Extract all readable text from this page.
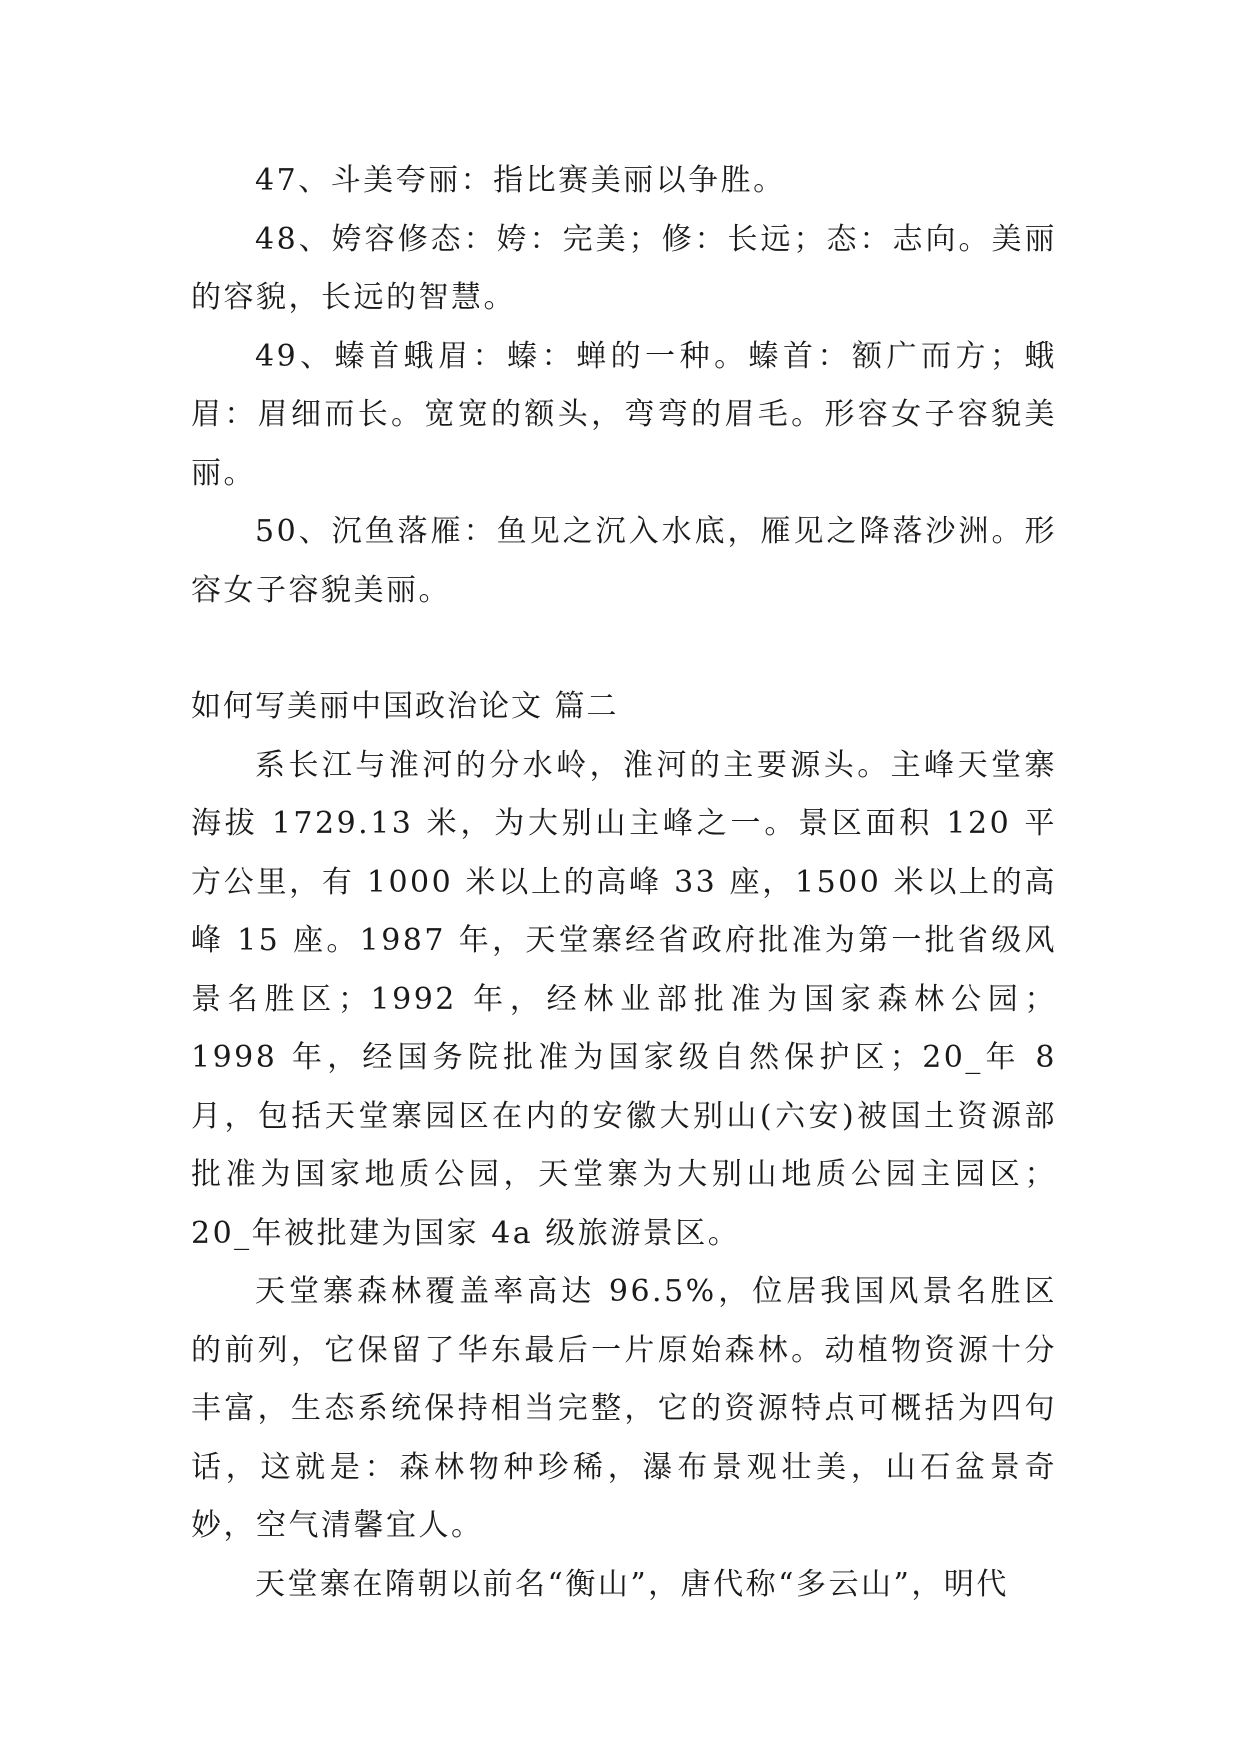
47、斗美夸丽：指比赛美丽以争胜。

48、姱容修态：姱：完美；修：长远；态：志向。美丽的容貌，长远的智慧。

49、螓首蛾眉：螓：蝉的一种。螓首：额广而方；蛾眉：眉细而长。宽宽的额头，弯弯的眉毛。形容女子容貌美丽。

50、沉鱼落雁：鱼见之沉入水底，雁见之降落沙洲。形容女子容貌美丽。

如何写美丽中国政治论文 篇二

系长江与淮河的分水岭，淮河的主要源头。主峰天堂寨海拔 1729.13 米，为大别山主峰之一。景区面积 120 平方公里，有 1000 米以上的高峰 33 座，1500 米以上的高峰 15 座。1987 年，天堂寨经省政府批准为第一批省级风景名胜区；1992 年，经林业部批准为国家森林公园；1998 年，经国务院批准为国家级自然保护区；20_年 8 月，包括天堂寨园区在内的安徽大别山(六安)被国土资源部批准为国家地质公园，天堂寨为大别山地质公园主园区；20_年被批建为国家 4a 级旅游景区。

天堂寨森林覆盖率高达 96.5%，位居我国风景名胜区的前列，它保留了华东最后一片原始森林。动植物资源十分丰富，生态系统保持相当完整，它的资源特点可概括为四句话，这就是：森林物种珍稀，瀑布景观壮美，山石盆景奇妙，空气清馨宜人。

天堂寨在隋朝以前名“衡山”，唐代称“多云山”，明代
